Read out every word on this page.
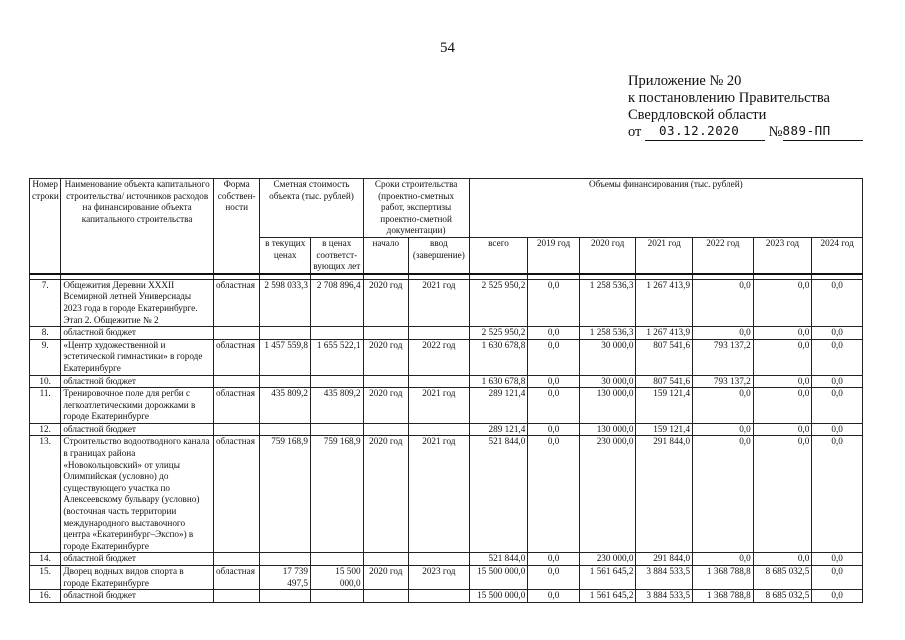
54
Приложение № 20
к постановлению Правительства
Свердловской области
от 03.12.2020 № 889-ПП
Номер строки	Наименование объекта капитального строительства/ источников расходов на финансирование объекта капитального строительства	Форма собствен-ности	Сметная стоимость объекта (тыс. рублей)		Сроки строительства (проектно-сметных работ, экспертизы проектно-сметной документации)		Объемы финансирования (тыс. рублей)						
			в текущих ценах	в ценах соответст-вующих лет	начало	ввод (завершение)	всего	2019 год	2020 год	2021 год	2022 год	2023 год	2024 год

7.	Общежития Деревни XXXII Всемирной летней Универсиады 2023 года в городе Екатеринбурге. Этап 2. Общежитие № 2	областная	2 598 033,3	2 708 896,4	2020 год	2021 год	2 525 950,2	0,0	1 258 536,3	1 267 413,9	0,0	0,0	0,0
8.	областной бюджет						2 525 950,2	0,0	1 258 536,3	1 267 413,9	0,0	0,0	0,0
9.	«Центр художественной и эстетической гимнастики» в городе Екатеринбурге	областная	1 457 559,8	1 655 522,1	2020 год	2022 год	1 630 678,8	0,0	30 000,0	807 541,6	793 137,2	0,0	0,0
10.	областной бюджет						1 630 678,8	0,0	30 000,0	807 541,6	793 137,2	0,0	0,0
11.	Тренировочное поле для регби с легкоатлетическими дорожками в городе Екатеринбурге	областная	435 809,2	435 809,2	2020 год	2021 год	289 121,4	0,0	130 000,0	159 121,4	0,0	0,0	0,0
12.	областной бюджет						289 121,4	0,0	130 000,0	159 121,4	0,0	0,0	0,0
13.	Строительство водоотводного канала в границах района «Новокольцовский» от улицы Олимпийская (условно) до существующего участка по Алексеевскому бульвару (условно) (восточная часть территории международного выставочного центра «Екатеринбург–Экспо») в городе Екатеринбурге	областная	759 168,9	759 168,9	2020 год	2021 год	521 844,0	0,0	230 000,0	291 844,0	0,0	0,0	0,0
14.	областной бюджет						521 844,0	0,0	230 000,0	291 844,0	0,0	0,0	0,0
15.	Дворец водных видов спорта в городе Екатеринбурге	областная	17 739 497,5	15 500 000,0	2020 год	2023 год	15 500 000,0	0,0	1 561 645,2	3 884 533,5	1 368 788,8	8 685 032,5	0,0
16.	областной бюджет						15 500 000,0	0,0	1 561 645,2	3 884 533,5	1 368 788,8	8 685 032,5	0,0
